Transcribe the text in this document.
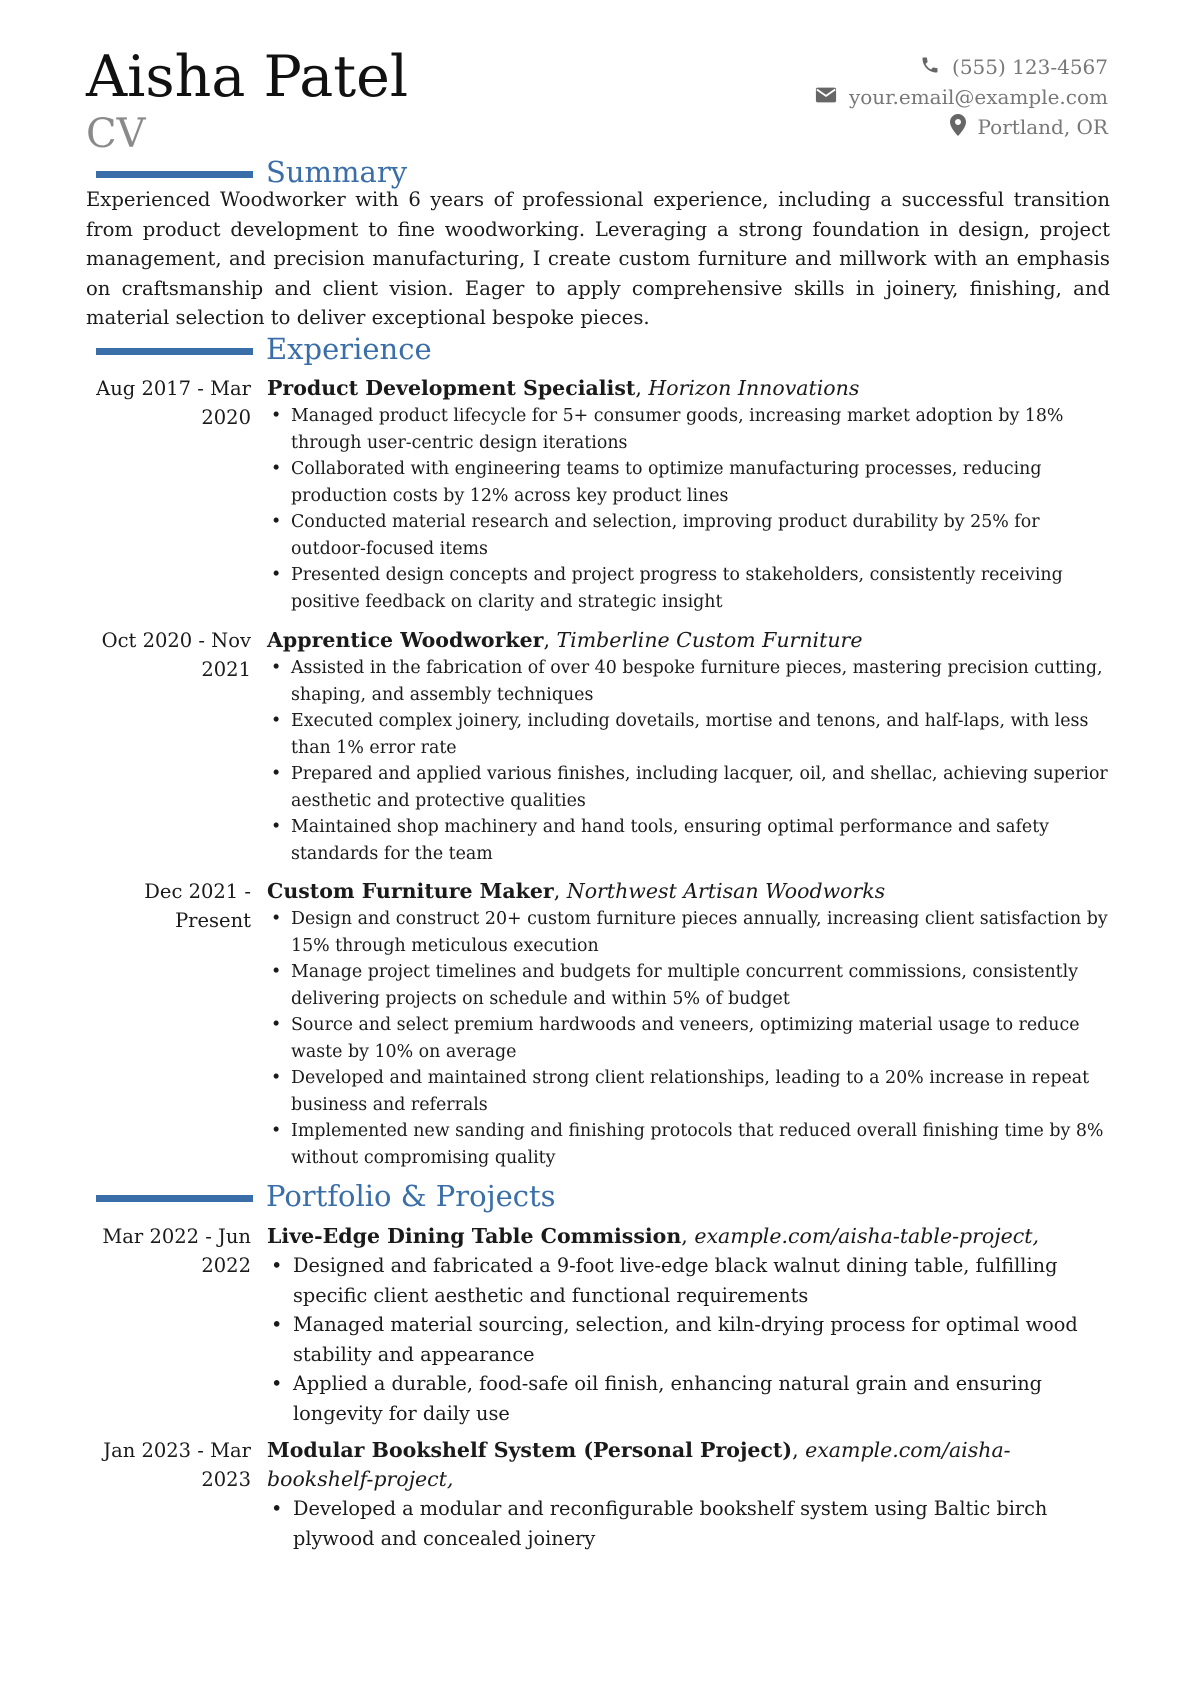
Aisha Patel
CV
(555) 123-4567
your.email@example.com
Portland, OR
Summary
Experienced Woodworker with 6 years of professional experience, including a successful transition from product development to fine woodworking. Leveraging a strong foundation in design, project management, and precision manufacturing, I create custom furniture and millwork with an emphasis on craftsmanship and client vision. Eager to apply comprehensive skills in joinery, finishing, and material selection to deliver exceptional bespoke pieces.
Experience
Aug 2017 - Mar 2020
Product Development Specialist, Horizon Innovations
• Managed product lifecycle for 5+ consumer goods, increasing market adoption by 18% through user-centric design iterations
• Collaborated with engineering teams to optimize manufacturing processes, reducing production costs by 12% across key product lines
• Conducted material research and selection, improving product durability by 25% for outdoor-focused items
• Presented design concepts and project progress to stakeholders, consistently receiving positive feedback on clarity and strategic insight
Oct 2020 - Nov 2021
Apprentice Woodworker, Timberline Custom Furniture
• Assisted in the fabrication of over 40 bespoke furniture pieces, mastering precision cutting, shaping, and assembly techniques
• Executed complex joinery, including dovetails, mortise and tenons, and half-laps, with less than 1% error rate
• Prepared and applied various finishes, including lacquer, oil, and shellac, achieving superior aesthetic and protective qualities
• Maintained shop machinery and hand tools, ensuring optimal performance and safety standards for the team
Dec 2021 - Present
Custom Furniture Maker, Northwest Artisan Woodworks
• Design and construct 20+ custom furniture pieces annually, increasing client satisfaction by 15% through meticulous execution
• Manage project timelines and budgets for multiple concurrent commissions, consistently delivering projects on schedule and within 5% of budget
• Source and select premium hardwoods and veneers, optimizing material usage to reduce waste by 10% on average
• Developed and maintained strong client relationships, leading to a 20% increase in repeat business and referrals
• Implemented new sanding and finishing protocols that reduced overall finishing time by 8% without compromising quality
Portfolio & Projects
Mar 2022 - Jun 2022
Live-Edge Dining Table Commission, example.com/aisha-table-project,
• Designed and fabricated a 9-foot live-edge black walnut dining table, fulfilling specific client aesthetic and functional requirements
• Managed material sourcing, selection, and kiln-drying process for optimal wood stability and appearance
• Applied a durable, food-safe oil finish, enhancing natural grain and ensuring longevity for daily use
Jan 2023 - Mar 2023
Modular Bookshelf System (Personal Project), example.com/aisha-bookshelf-project,
• Developed a modular and reconfigurable bookshelf system using Baltic birch plywood and concealed joinery
